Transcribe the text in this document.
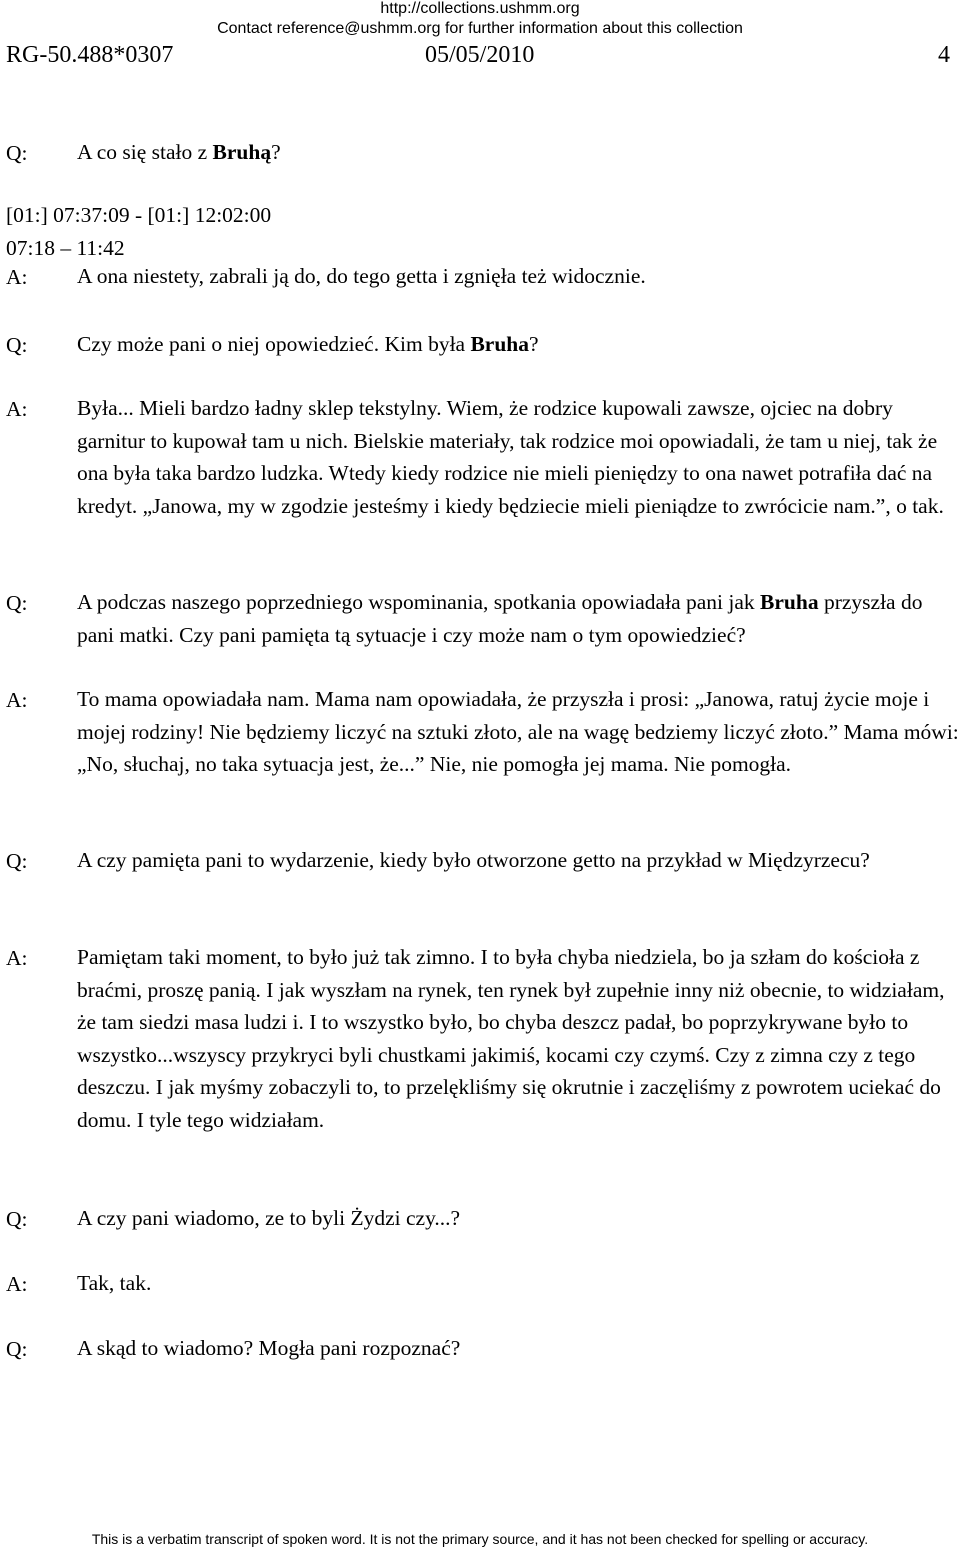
http://collections.ushmm.org
Contact reference@ushmm.org for further information about this collection
RG-50.488*0307	05/05/2010	4
Q: A co się stało z Bruhą?
[01:] 07:37:09 - [01:] 12:02:00
07:18 – 11:42
A: A ona niestety, zabrali ją do, do tego getta i zgnięła też widocznie.
Q: Czy może pani o niej opowiedzieć. Kim była Bruha?
A: Była... Mieli bardzo ładny sklep tekstylny. Wiem, że rodzice kupowali zawsze, ojciec na dobry garnitur to kupował tam u nich. Bielskie materiały, tak rodzice moi opowiadali, że tam u niej, tak że ona była taka bardzo ludzka. Wtedy kiedy rodzice nie mieli pieniędzy to ona nawet potrafiła dać na kredyt. „Janowa, my w zgodzie jesteśmy i kiedy będziecie mieli pieniądze to zwrócicie nam.”, o tak.
Q: A podczas naszego poprzedniego wspominania, spotkania opowiadała pani jak Bruha przyszła do pani matki. Czy pani pamięta tą sytuacje i czy może nam o tym opowiedzieć?
A: To mama opowiadała nam. Mama nam opowiadała, że przyszła i prosi: „Janowa, ratuj życie moje i mojej rodziny! Nie będziemy liczyć na sztuki złoto, ale na wagę bedziemy liczyć złoto.” Mama mówi: „No, słuchaj, no taka sytuacja jest, że...” Nie, nie pomogła jej mama. Nie pomogła.
Q: A czy pamięta pani to wydarzenie, kiedy było otworzone getto na przykład w Międzyrzecu?
A: Pamiętam taki moment, to było już tak zimno. I to była chyba niedziela, bo ja szłam do kościoła z braćmi, proszę panią. I jak wyszłam na rynek, ten rynek był zupełnie inny niż obecnie, to widziałam, że tam siedzi masa ludzi i. I to wszystko było, bo chyba deszcz padał, bo poprzykrywane było to wszystko...wszyscy przykryci byli chustkami jakimiś, kocami czy czymś. Czy z zimna czy z tego deszczu. I jak myśmy zobaczyli to, to przelękliśmy się okrutnie i zaczęliśmy z powrotem uciekać do domu. I tyle tego widziałam.
Q: A czy pani wiadomo, ze to byli Żydzi czy...?
A: Tak, tak.
Q: A skąd to wiadomo? Mogła pani rozpoznać?
This is a verbatim transcript of spoken word. It is not the primary source, and it has not been checked for spelling or accuracy.
